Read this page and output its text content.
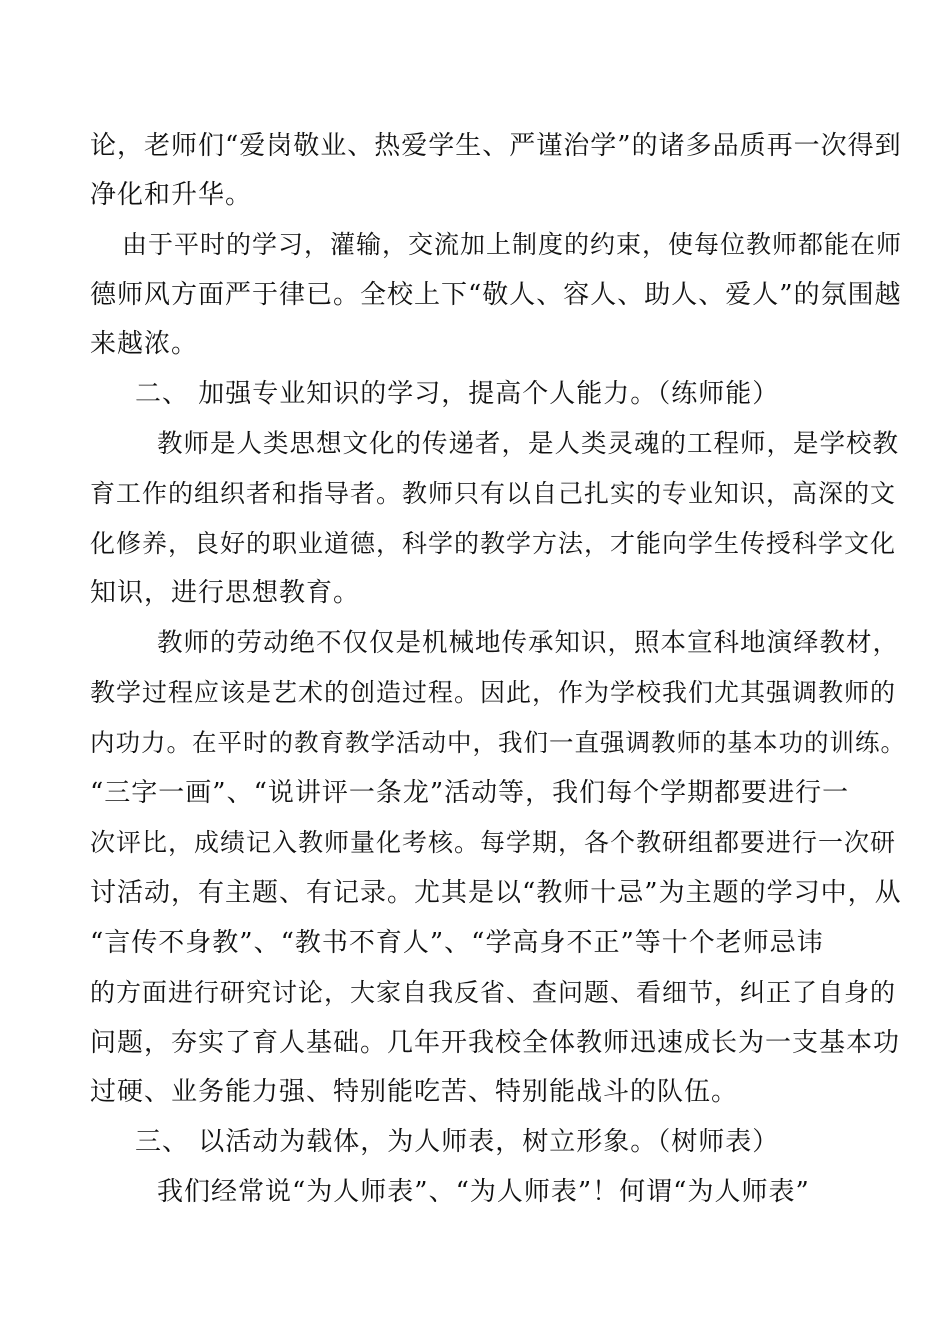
论，老师们“爱岗敬业、热爱学生、严谨治学”的诸多品质再一次得到
净化和升华。
由于平时的学习，灌输，交流加上制度的约束，使每位教师都能在师
德师风方面严于律已。全校上下“敬人、容人、助人、爱人”的氛围越
来越浓。
二、 加强专业知识的学习，提高个人能力。（练师能）
教师是人类思想文化的传递者，是人类灵魂的工程师，是学校教
育工作的组织者和指导者。教师只有以自己扎实的专业知识，高深的文
化修养，良好的职业道德，科学的教学方法，才能向学生传授科学文化
知识，进行思想教育。
教师的劳动绝不仅仅是机械地传承知识，照本宣科地演绎教材，
教学过程应该是艺术的创造过程。因此，作为学校我们尤其强调教师的
内功力。在平时的教育教学活动中，我们一直强调教师的基本功的训练。
“三字一画”、“说讲评一条龙”活动等，我们每个学期都要进行一
次评比，成绩记入教师量化考核。每学期，各个教研组都要进行一次研
讨活动，有主题、有记录。尤其是以“教师十忌”为主题的学习中，从
“言传不身教”、“教书不育人”、“学高身不正”等十个老师忌讳
的方面进行研究讨论，大家自我反省、查问题、看细节，纠正了自身的
问题，夯实了育人基础。几年开我校全体教师迅速成长为一支基本功
过硬、业务能力强、特别能吃苦、特别能战斗的队伍。
三、 以活动为载体，为人师表，树立形象。（树师表）
我们经常说“为人师表”、“为人师表”！何谓“为人师表”
